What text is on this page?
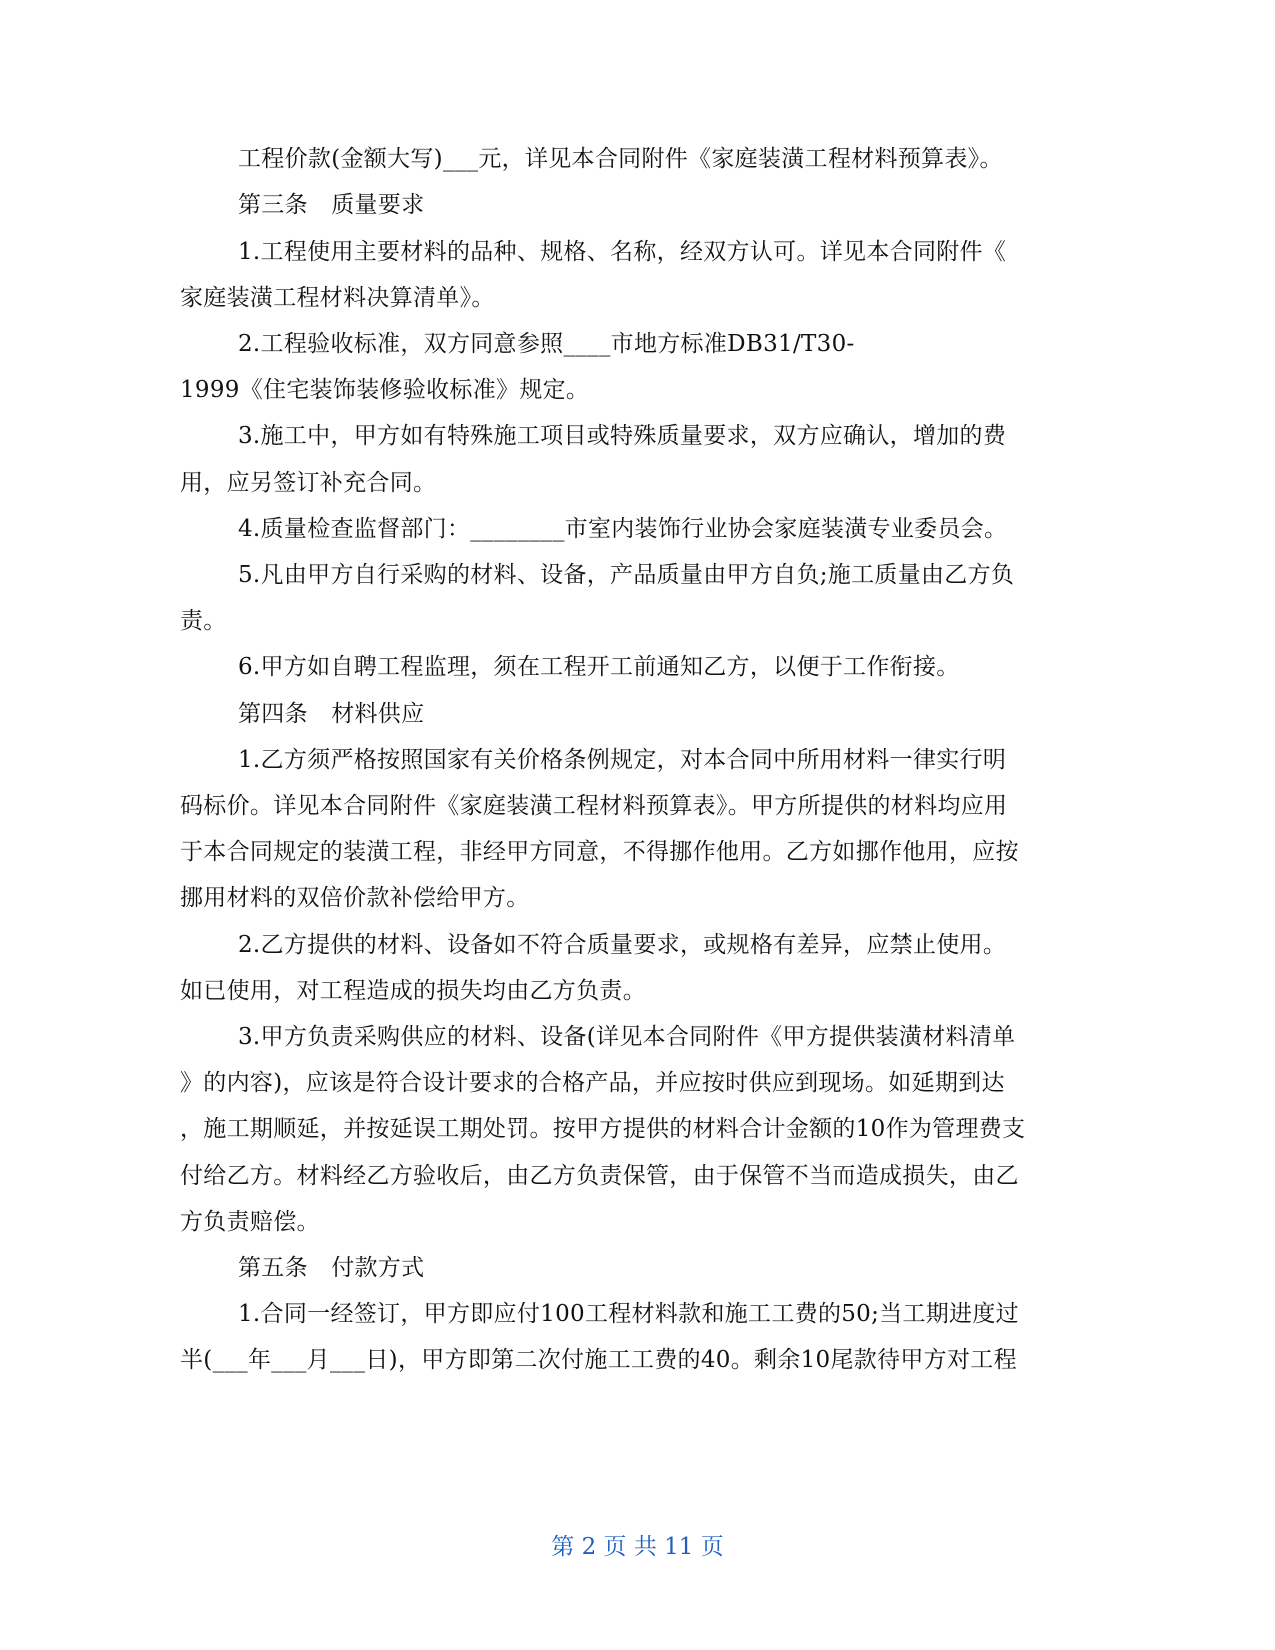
工程价款(金额大写)___元，详见本合同附件《家庭装潢工程材料预算表》。
第三条　质量要求
1.工程使用主要材料的品种、规格、名称，经双方认可。详见本合同附件《
家庭装潢工程材料决算清单》。
2.工程验收标准，双方同意参照____市地方标准DB31/T30-
1999《住宅装饰装修验收标准》规定。
3.施工中，甲方如有特殊施工项目或特殊质量要求，双方应确认，增加的费
用，应另签订补充合同。
4.质量检查监督部门：________市室内装饰行业协会家庭装潢专业委员会。
5.凡由甲方自行采购的材料、设备，产品质量由甲方自负;施工质量由乙方负
责。
6.甲方如自聘工程监理，须在工程开工前通知乙方，以便于工作衔接。
第四条　材料供应
1.乙方须严格按照国家有关价格条例规定，对本合同中所用材料一律实行明
码标价。详见本合同附件《家庭装潢工程材料预算表》。甲方所提供的材料均应用
于本合同规定的装潢工程，非经甲方同意，不得挪作他用。乙方如挪作他用，应按
挪用材料的双倍价款补偿给甲方。
2.乙方提供的材料、设备如不符合质量要求，或规格有差异，应禁止使用。
如已使用，对工程造成的损失均由乙方负责。
3.甲方负责采购供应的材料、设备(详见本合同附件《甲方提供装潢材料清单
》的内容)，应该是符合设计要求的合格产品，并应按时供应到现场。如延期到达
，施工期顺延，并按延误工期处罚。按甲方提供的材料合计金额的10作为管理费支
付给乙方。材料经乙方验收后，由乙方负责保管，由于保管不当而造成损失，由乙
方负责赔偿。
第五条　付款方式
1.合同一经签订，甲方即应付100工程材料款和施工工费的50;当工期进度过
半(___年___月___日)，甲方即第二次付施工工费的40。剩余10尾款待甲方对工程
第 2 页 共 11 页
